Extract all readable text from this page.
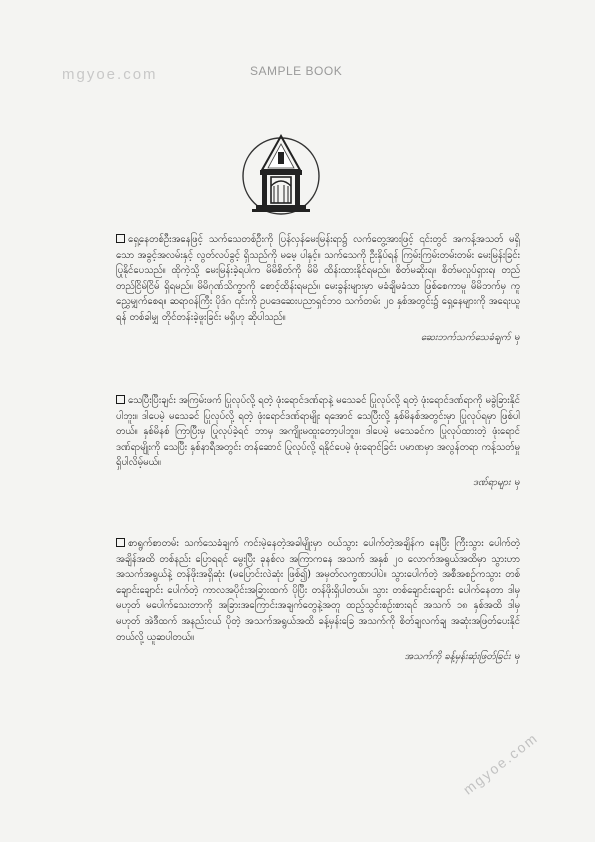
mgyoe.com	SAMPLE BOOK

ရှေ့နေတစ်ဦးအနေဖြင့် သက်သေတစ်ဦးကို ပြန်လှန်မေးမြန်းရာ၌ လက်တွေ့အားဖြင့် ၎င်းတွင် အကန့်အသတ် မရှိသော အခွင့်အလမ်းနှင့် လွတ်လပ်ခွင့် ရှိသည်ကို မမေ့ ပါနှင့်။ သက်သေကို ဦးနှိပ်ရန် ကြမ်းကြမ်းတမ်းတမ်း မေးမြန်းခြင်း ပြုနိုင်ပေသည်။ ထိုကဲ့သို့ မေးမြန်းခဲ့ရပါက မိမိစိတ်ကို မိမိ ထိန်းထားနိုင်ရမည်။ စိတ်မဆိုးရ။ စိတ်မလှုပ်ရှားရ၊ တည်တည်ငြိမ်ငြိမ် ရှိရမည်။ မိမိဂုဏ်သိက္ခာကို စောင့်ထိန်းရမည်။ မေးခွန်းများမှာ မခံချိမခံသာ ဖြစ်စေကာမူ မိမိဘက်မှ ကူညွှေမျှက်စေရ။ ဆရာဝန်ကြီး ပိုဒ်ဂ ၎င်းကို ဥပဒေဆေးပညာရှင်ဘဝ သက်တမ်း ၂၀ နှစ်အတွင်း၌ ရှေ့နေများကို အရေးယူရန် တစ်ခါမျှ တိုင်တန်းခဲ့ဖူးခြင်း မရှိဟု ဆိုပါသည်။

ဆေးဘက်သက်သေခံချက် မှ

သေပြီးပြီးချင်း အကြမ်းဖက် ပြုလုပ်လို့ ရတဲ့ ဖုံးရောင်ဒဏ်ရာနဲ့ မသေခင် ပြုလုပ်လို့ ရတဲ့ ဖုံးရောင်ဒဏ်ရာကို မခွဲခြားနိုင်ပါဘူး။ ဒါပေမဲ့ မသေခင် ပြုလုပ်လို့ ရတဲ့ ဖုံးရောင်ဒဏ်ရာမျိုး ရအောင် သေပြီးလို့ နှစ်မိနစ်အတွင်းမှာ ပြုလုပ်ရမှာ ဖြစ်ပါတယ်။ နှစ်မိနစ် ကြာပြီးမှ ပြုလုပ်ခဲ့ရင် ဘာမှ အကျိုးမထူးတော့ပါဘူး။ ဒါပေမဲ့ မသေခင်က ပြုလုပ်ထားတဲ့ ဖုံးရောင် ဒဏ်ရာမျိုးကို သေပြီး နှစ်နာရီအတွင်း တန်ဆောင် ပြုလုပ်လို့ ရနိုင်ပေမဲ့ ဖုံးရောင်ခြင်း ပမာဏမှာ အလွန်တရာ ကန့်သတ်မှု ရှိပါလိမ့်မယ်။

ဒဏ်ရာများ မှ

စာရွက်စာတမ်း သက်သေခံချက် ကင်းမဲ့နေတဲ့အခါမျိုးမှာ ဝယ်သွား ပေါက်တဲ့အချိန်က နေပြီး ကြီးသွား ပေါက်တဲ့အချိန်အထိ တစ်နည်း ပြောရရင် မွေးပြီး ခုနစ်လ အကြာကနေ အသက် အနှစ် ၂၀ လောက်အရွယ်အထိမှာ သွားဟာ အသက်အရွယ်နဲ့ တန်ဖိုးအရှိဆုံး (မပြောင်းလဲဆုံး ဖြစ်၍) အမှတ်လက္ခဏာပါပဲ။ သွားပေါက်တဲ့ အစီအစဉ်ကသွား တစ်ချောင်းချောင်း ပေါက်တဲ့ ကာလအပိုင်းအခြားထက် ပိုပြီး တန်ဖိုးရှိပါတယ်။ သွား တစ်ချောင်းချောင်း ပေါက်နေတာ ဒါမှမဟုတ် မပေါက်သေးတာကို အခြားအကြောင်းအချက်တွေနဲ့အတူ ထည့်သွင်းစဉ်းစားရင် အသက် ၁၈ နှစ်အထိ ဒါမှမဟုတ် အဲဒီထက် အနည်းငယ် ပိုတဲ့ အသက်အရွယ်အထိ ခန့်မှန်းခြေ အသက်ကို စိတ်ချလက်ချ အဆုံးအဖြတ်ပေးနိုင်တယ်လို့ ယူဆပါတယ်။

အသက်ကို ခန့်မှန်းဆုံးဖြတ်ခြင်း မှ

mgyoe.com
